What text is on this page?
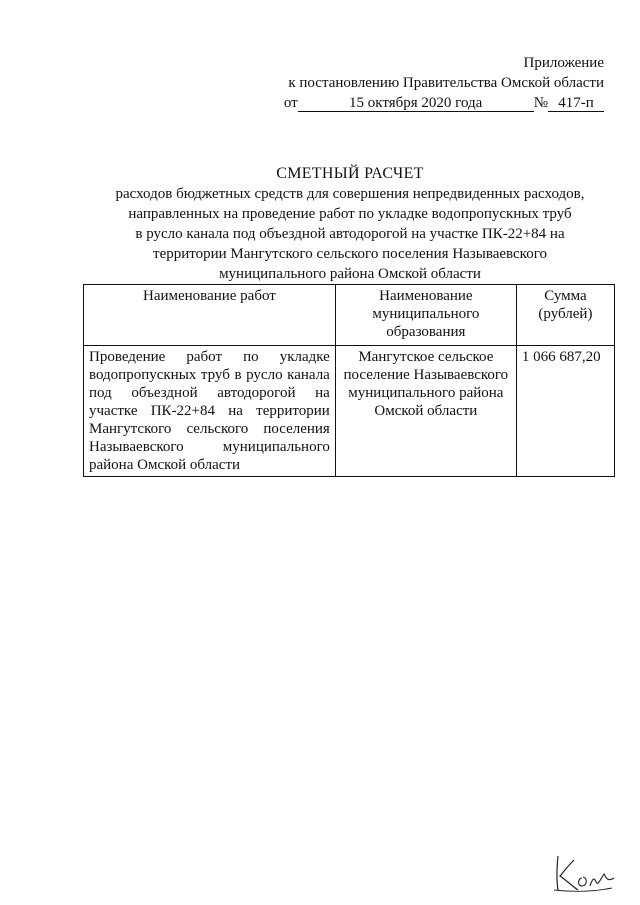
Приложение
к постановлению Правительства Омской области
от	15 октября 2020 года	№ 417-п
СМЕТНЫЙ РАСЧЕТ
расходов бюджетных средств для совершения непредвиденных расходов,
направленных на проведение работ по укладке водопропускных труб
в русло канала под объездной автодорогой на участке ПК-22+84 на
территории Мангутского сельского поселения Называевского
муниципального района Омской области
Наименование работ	Наименование муниципального образования	Сумма (рублей)
Проведение работ по укладке водопропускных труб в русло канала под объездной автодорогой на участке ПК-22+84 на территории Мангутского сельского поселения Называевского муниципального района Омской области	Мангутское сельское поселение Называевского муниципального района Омской области	1 066 687,20
